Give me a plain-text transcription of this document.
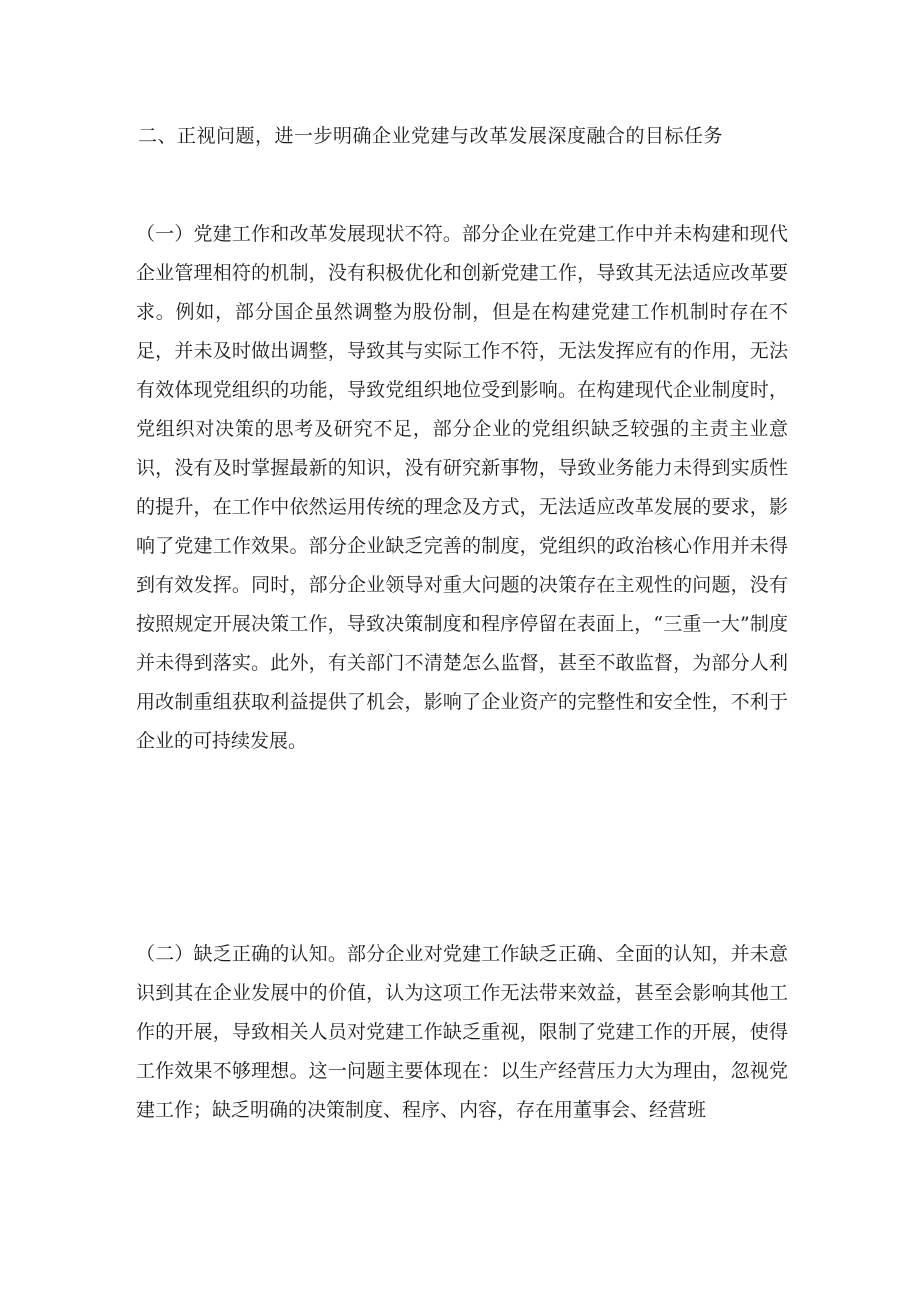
二、正视问题，进一步明确企业党建与改革发展深度融合的目标任务

（一）党建工作和改革发展现状不符。部分企业在党建工作中并未构建和现代企业管理相符的机制，没有积极优化和创新党建工作，导致其无法适应改革要求。例如，部分国企虽然调整为股份制，但是在构建党建工作机制时存在不足，并未及时做出调整，导致其与实际工作不符，无法发挥应有的作用，无法有效体现党组织的功能，导致党组织地位受到影响。在构建现代企业制度时，党组织对决策的思考及研究不足，部分企业的党组织缺乏较强的主责主业意识，没有及时掌握最新的知识，没有研究新事物，导致业务能力未得到实质性的提升，在工作中依然运用传统的理念及方式，无法适应改革发展的要求，影响了党建工作效果。部分企业缺乏完善的制度，党组织的政治核心作用并未得到有效发挥。同时，部分企业领导对重大问题的决策存在主观性的问题，没有按照规定开展决策工作，导致决策制度和程序停留在表面上，“三重一大”制度并未得到落实。此外，有关部门不清楚怎么监督，甚至不敢监督，为部分人利用改制重组获取利益提供了机会，影响了企业资产的完整性和安全性，不利于企业的可持续发展。

（二）缺乏正确的认知。部分企业对党建工作缺乏正确、全面的认知，并未意识到其在企业发展中的价值，认为这项工作无法带来效益，甚至会影响其他工作的开展，导致相关人员对党建工作缺乏重视，限制了党建工作的开展，使得工作效果不够理想。这一问题主要体现在：以生产经营压力大为理由，忽视党建工作；缺乏明确的决策制度、程序、内容，存在用董事会、经营班
